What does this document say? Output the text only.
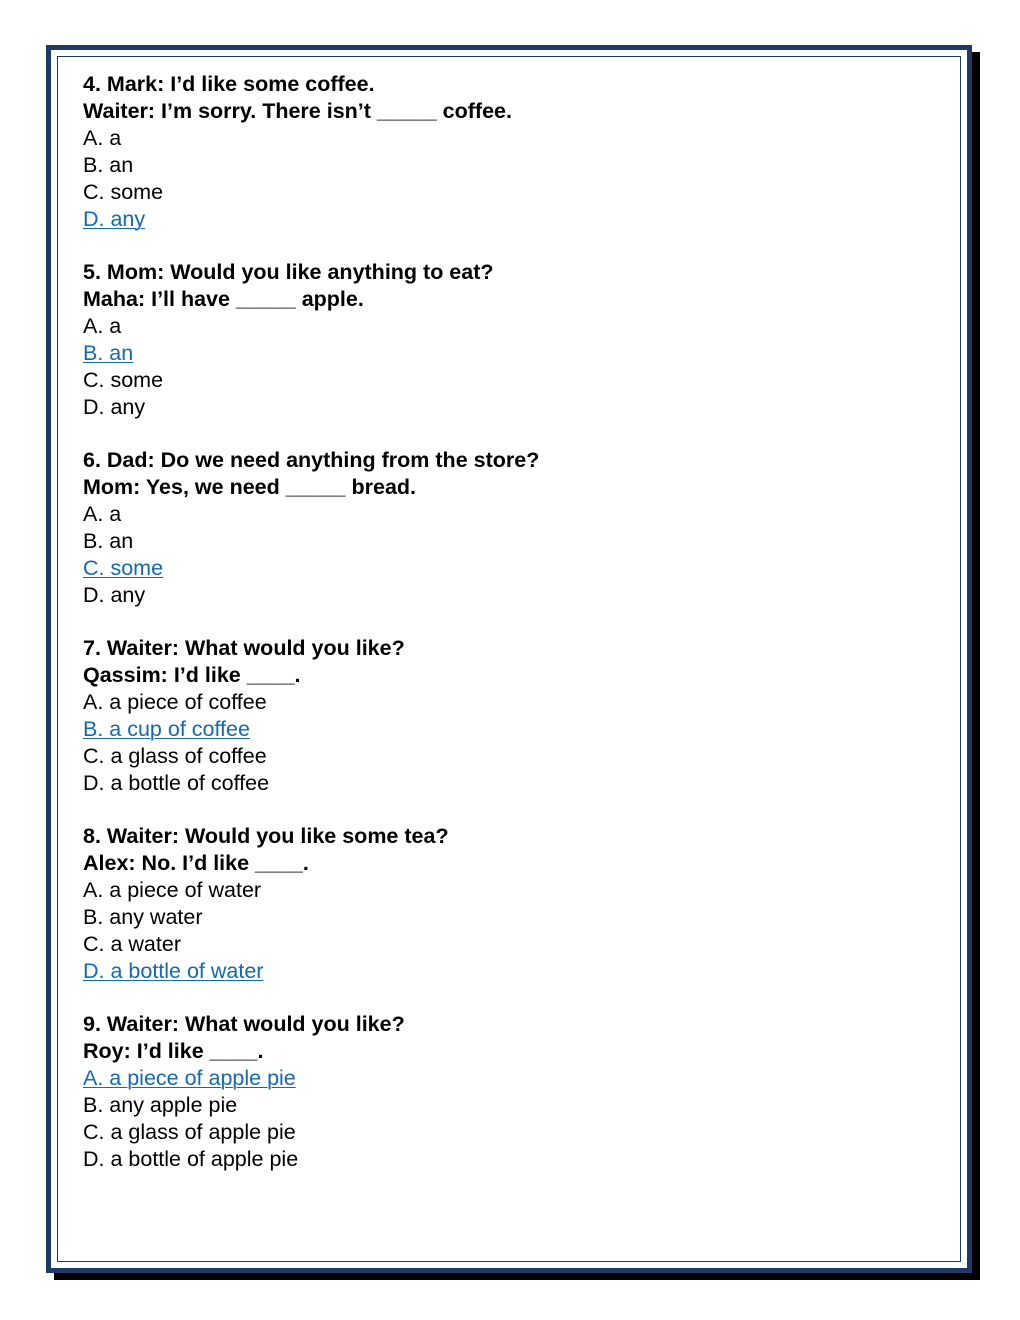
4. Mark: I’d like some coffee.
Waiter: I’m sorry. There isn’t _____ coffee.
A. a
B. an
C. some
D. any
5. Mom: Would you like anything to eat?
Maha: I’ll have _____ apple.
A. a
B. an
C. some
D. any
6. Dad: Do we need anything from the store?
Mom: Yes, we need _____ bread.
A. a
B. an
C. some
D. any
7. Waiter: What would you like?
Qassim: I’d like ____.
A. a piece of coffee
B. a cup of coffee
C. a glass of coffee
D. a bottle of coffee
8. Waiter: Would you like some tea?
Alex: No. I’d like ____.
A. a piece of water
B. any water
C. a water
D. a bottle of water
9. Waiter: What would you like?
Roy: I’d like ____.
A. a piece of apple pie
B. any apple pie
C. a glass of apple pie
D. a bottle of apple pie
